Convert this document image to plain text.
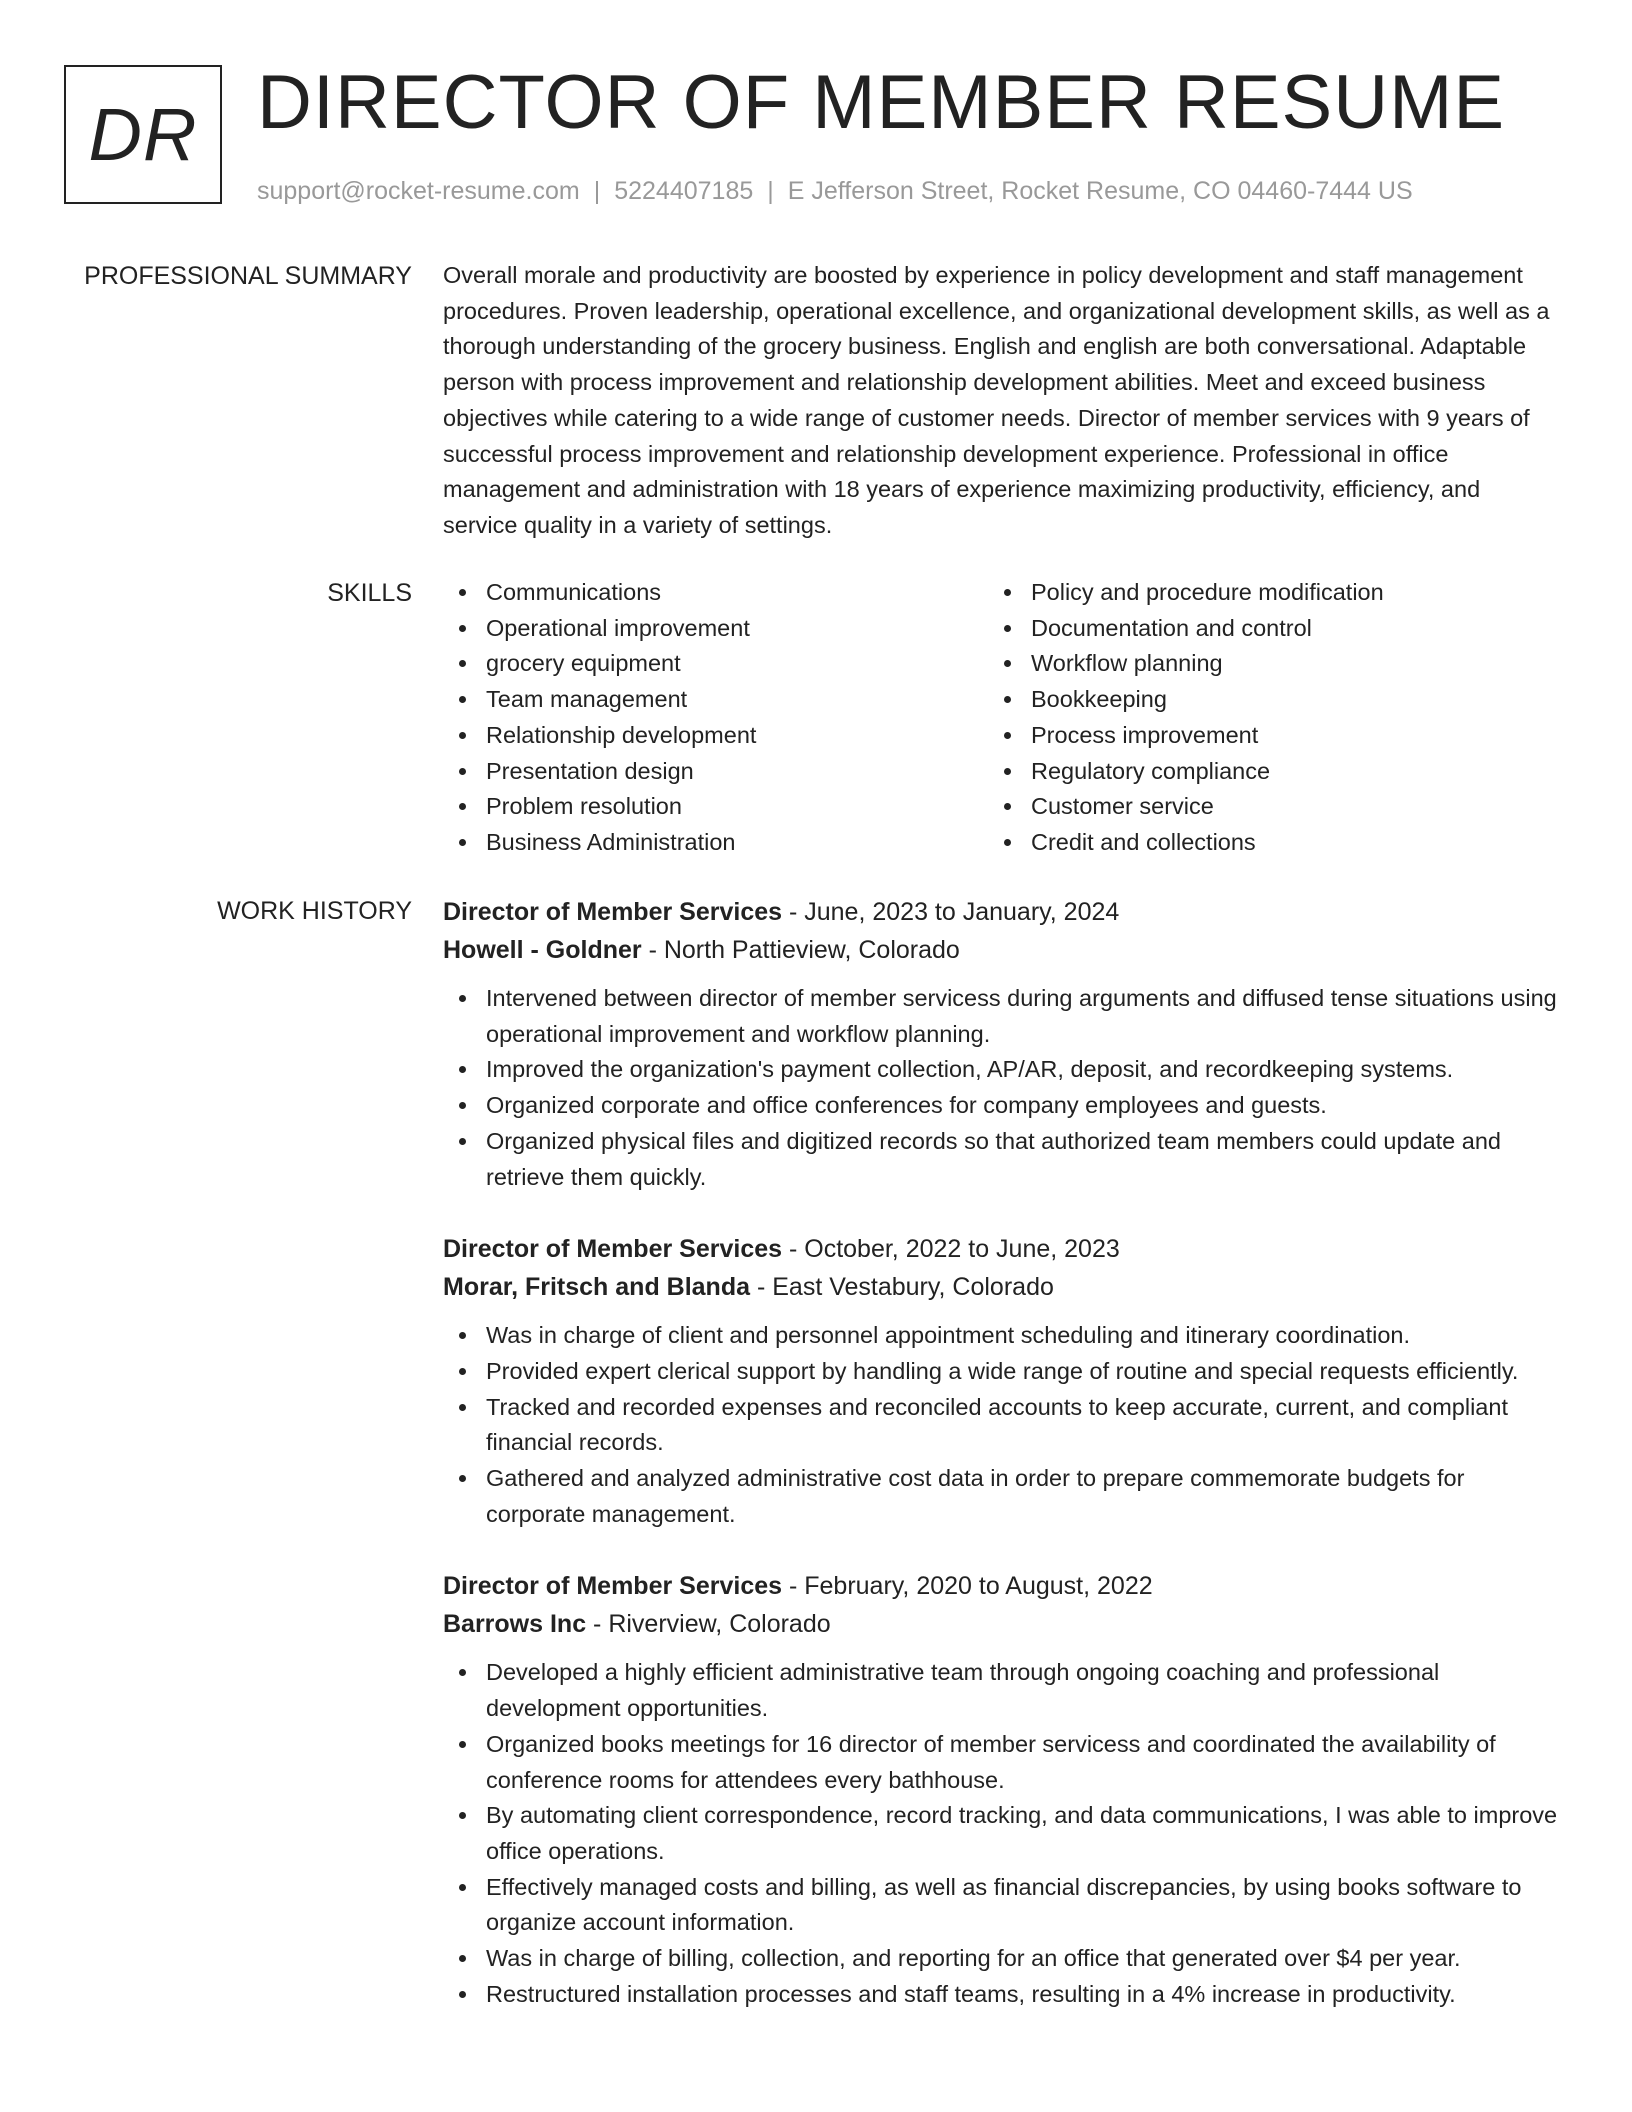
DR DIRECTOR OF MEMBER RESUME
support@rocket-resume.com | 5224407185 | E Jefferson Street, Rocket Resume, CO 04460-7444 US
PROFESSIONAL SUMMARY Overall morale and productivity are boosted by experience in policy development and staff management procedures. Proven leadership, operational excellence, and organizational development skills, as well as a thorough understanding of the grocery business. English and english are both conversational. Adaptable person with process improvement and relationship development abilities. Meet and exceed business objectives while catering to a wide range of customer needs. Director of member services with 9 years of successful process improvement and relationship development experience. Professional in office management and administration with 18 years of experience maximizing productivity, efficiency, and service quality in a variety of settings.

SKILLS	Communications
Operational improvement
grocery equipment
Team management
Relationship development
Presentation design
Problem resolution
Business Administration
Policy and procedure modification
Documentation and control
Workflow planning
Bookkeeping
Process improvement
Regulatory compliance
Customer service
Credit and collections
WORK HISTORY Director of Member Services - June, 2023 to January, 2024
Howell - Goldner - North Pattieview, Colorado
Intervened between director of member servicess during arguments and diffused tense situations using operational improvement and workflow planning.
Improved the organization's payment collection, AP/AR, deposit, and recordkeeping systems.
Organized corporate and office conferences for company employees and guests.
Organized physical files and digitized records so that authorized team members could update and retrieve them quickly.
Director of Member Services - October, 2022 to June, 2023
Morar, Fritsch and Blanda - East Vestabury, Colorado
Was in charge of client and personnel appointment scheduling and itinerary coordination.
Provided expert clerical support by handling a wide range of routine and special requests efficiently.
Tracked and recorded expenses and reconciled accounts to keep accurate, current, and compliant financial records.
Gathered and analyzed administrative cost data in order to prepare commemorate budgets for corporate management.
Director of Member Services - February, 2020 to August, 2022
Barrows Inc - Riverview, Colorado
Developed a highly efficient administrative team through ongoing coaching and professional development opportunities.
Organized books meetings for 16 director of member servicess and coordinated the availability of conference rooms for attendees every bathhouse.
By automating client correspondence, record tracking, and data communications, I was able to improve office operations.
Effectively managed costs and billing, as well as financial discrepancies, by using books software to organize account information.
Was in charge of billing, collection, and reporting for an office that generated over $4 per year.
Restructured installation processes and staff teams, resulting in a 4% increase in productivity.
